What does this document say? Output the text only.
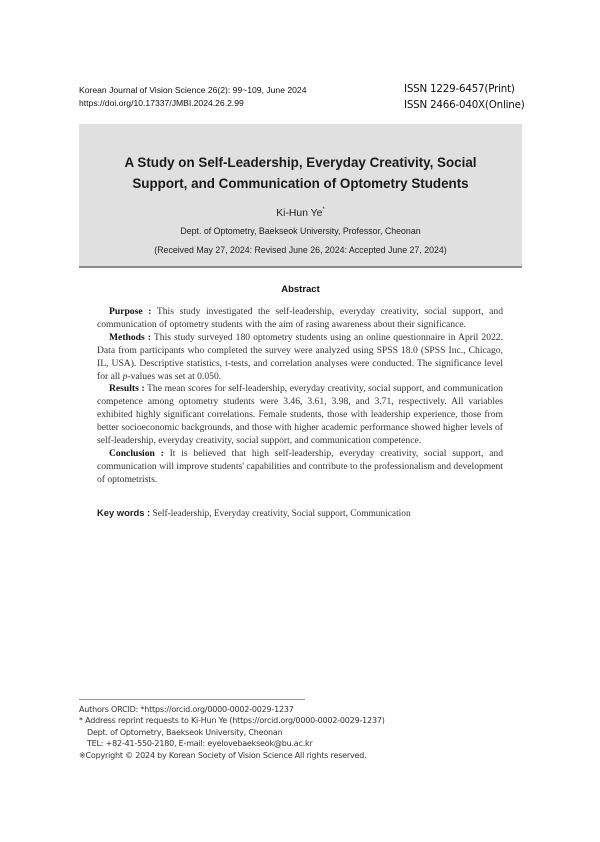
Korean Journal of Vision Science 26(2): 99~109, June 2024
https://doi.org/10.17337/JMBI.2024.26.2.99
ISSN 1229-6457(Print)
ISSN 2466-040X(Online)
A Study on Self-Leadership, Everyday Creativity, Social
Support, and Communication of Optometry Students
Ki-Hun Ye*
Dept. of Optometry, Baekseok University, Professor, Cheonan
(Received May 27, 2024: Revised June 26, 2024: Accepted June 27, 2024)
Abstract

Purpose : This study investigated the self-leadership, everyday creativity, social support, and communication of optometry students with the aim of rasing awareness about their significance.

Methods : This study surveyed 180 optometry students using an online questionnaire in April 2022. Data from participants who completed the survey were analyzed using SPSS 18.0 (SPSS Inc., Chicago, IL, USA). Descriptive statistics, t-tests, and correlation analyses were conducted. The significance level for all p-values was set at 0.050.

Results : The mean scores for self-leadership, everyday creativity, social support, and communication competence among optometry students were 3.46, 3.61, 3.98, and 3.71, respectively. All variables exhibited highly significant correlations. Female students, those with leadership experience, those from better socioeconomic backgrounds, and those with higher academic performance showed higher levels of self-leadership, everyday creativity, social support, and communication competence.

Conclusion : It is believed that high self-leadership, everyday creativity, social support, and communication will improve students' capabilities and contribute to the professionalism and development of optometrists.

Key words : Self-leadership, Everyday creativity, Social support, Communication
Authors ORCID: *https://orcid.org/0000-0002-0029-1237
* Address reprint requests to Ki-Hun Ye (https://orcid.org/0000-0002-0029-1237)
Dept. of Optometry, Baekseok University, Cheonan
TEL: +82-41-550-2180, E-mail: eyelovebaekseok@bu.ac.kr
※Copyright © 2024 by Korean Society of Vision Science All rights reserved.
